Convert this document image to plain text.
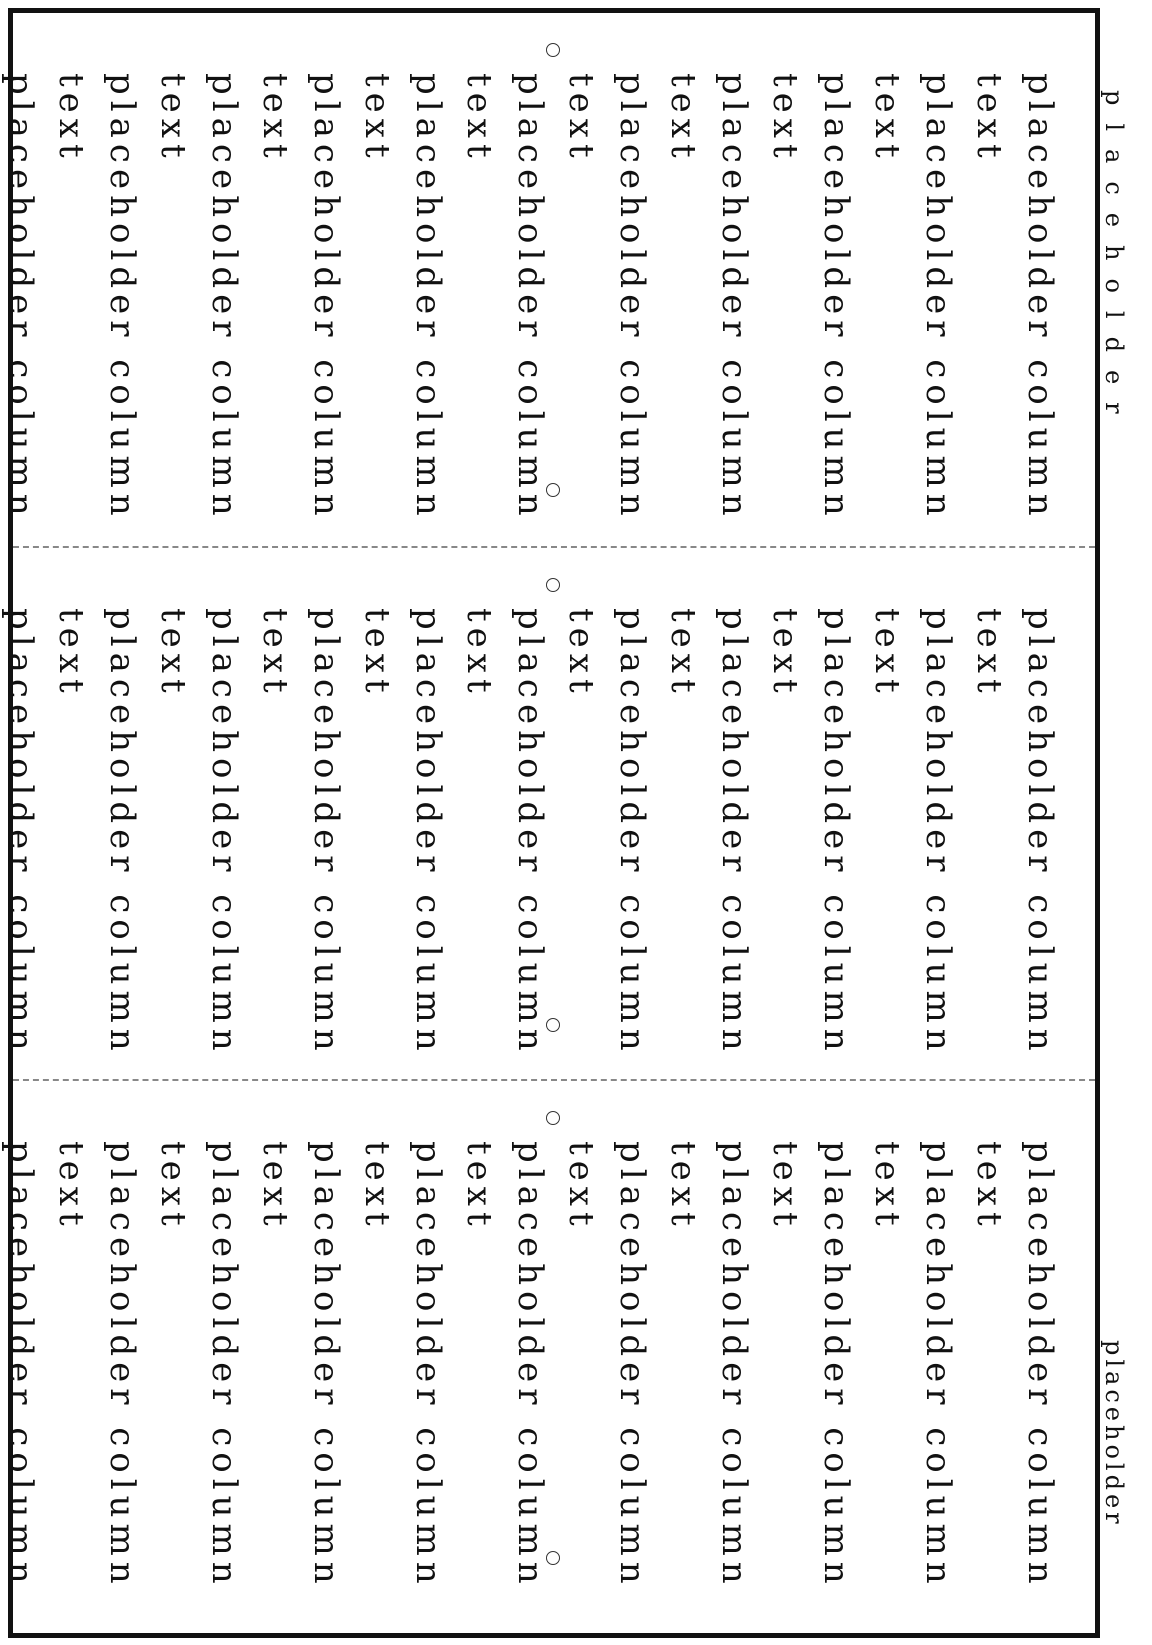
placeholder column text
placeholder column text
placeholder column text
placeholder column text
placeholder column text
placeholder column text
placeholder column text
placeholder column text
placeholder column text
placeholder column text
placeholder column
placeholder column text
placeholder column text
placeholder column text
placeholder column text
placeholder column text
placeholder column text
placeholder column text
placeholder column text
placeholder column text
placeholder column text
placeholder column
placeholder column text
placeholder column text
placeholder column text
placeholder column text
placeholder column text
placeholder column text
placeholder column text
placeholder column text
placeholder column text
placeholder column text
placeholder column
placeholder
placeholder
